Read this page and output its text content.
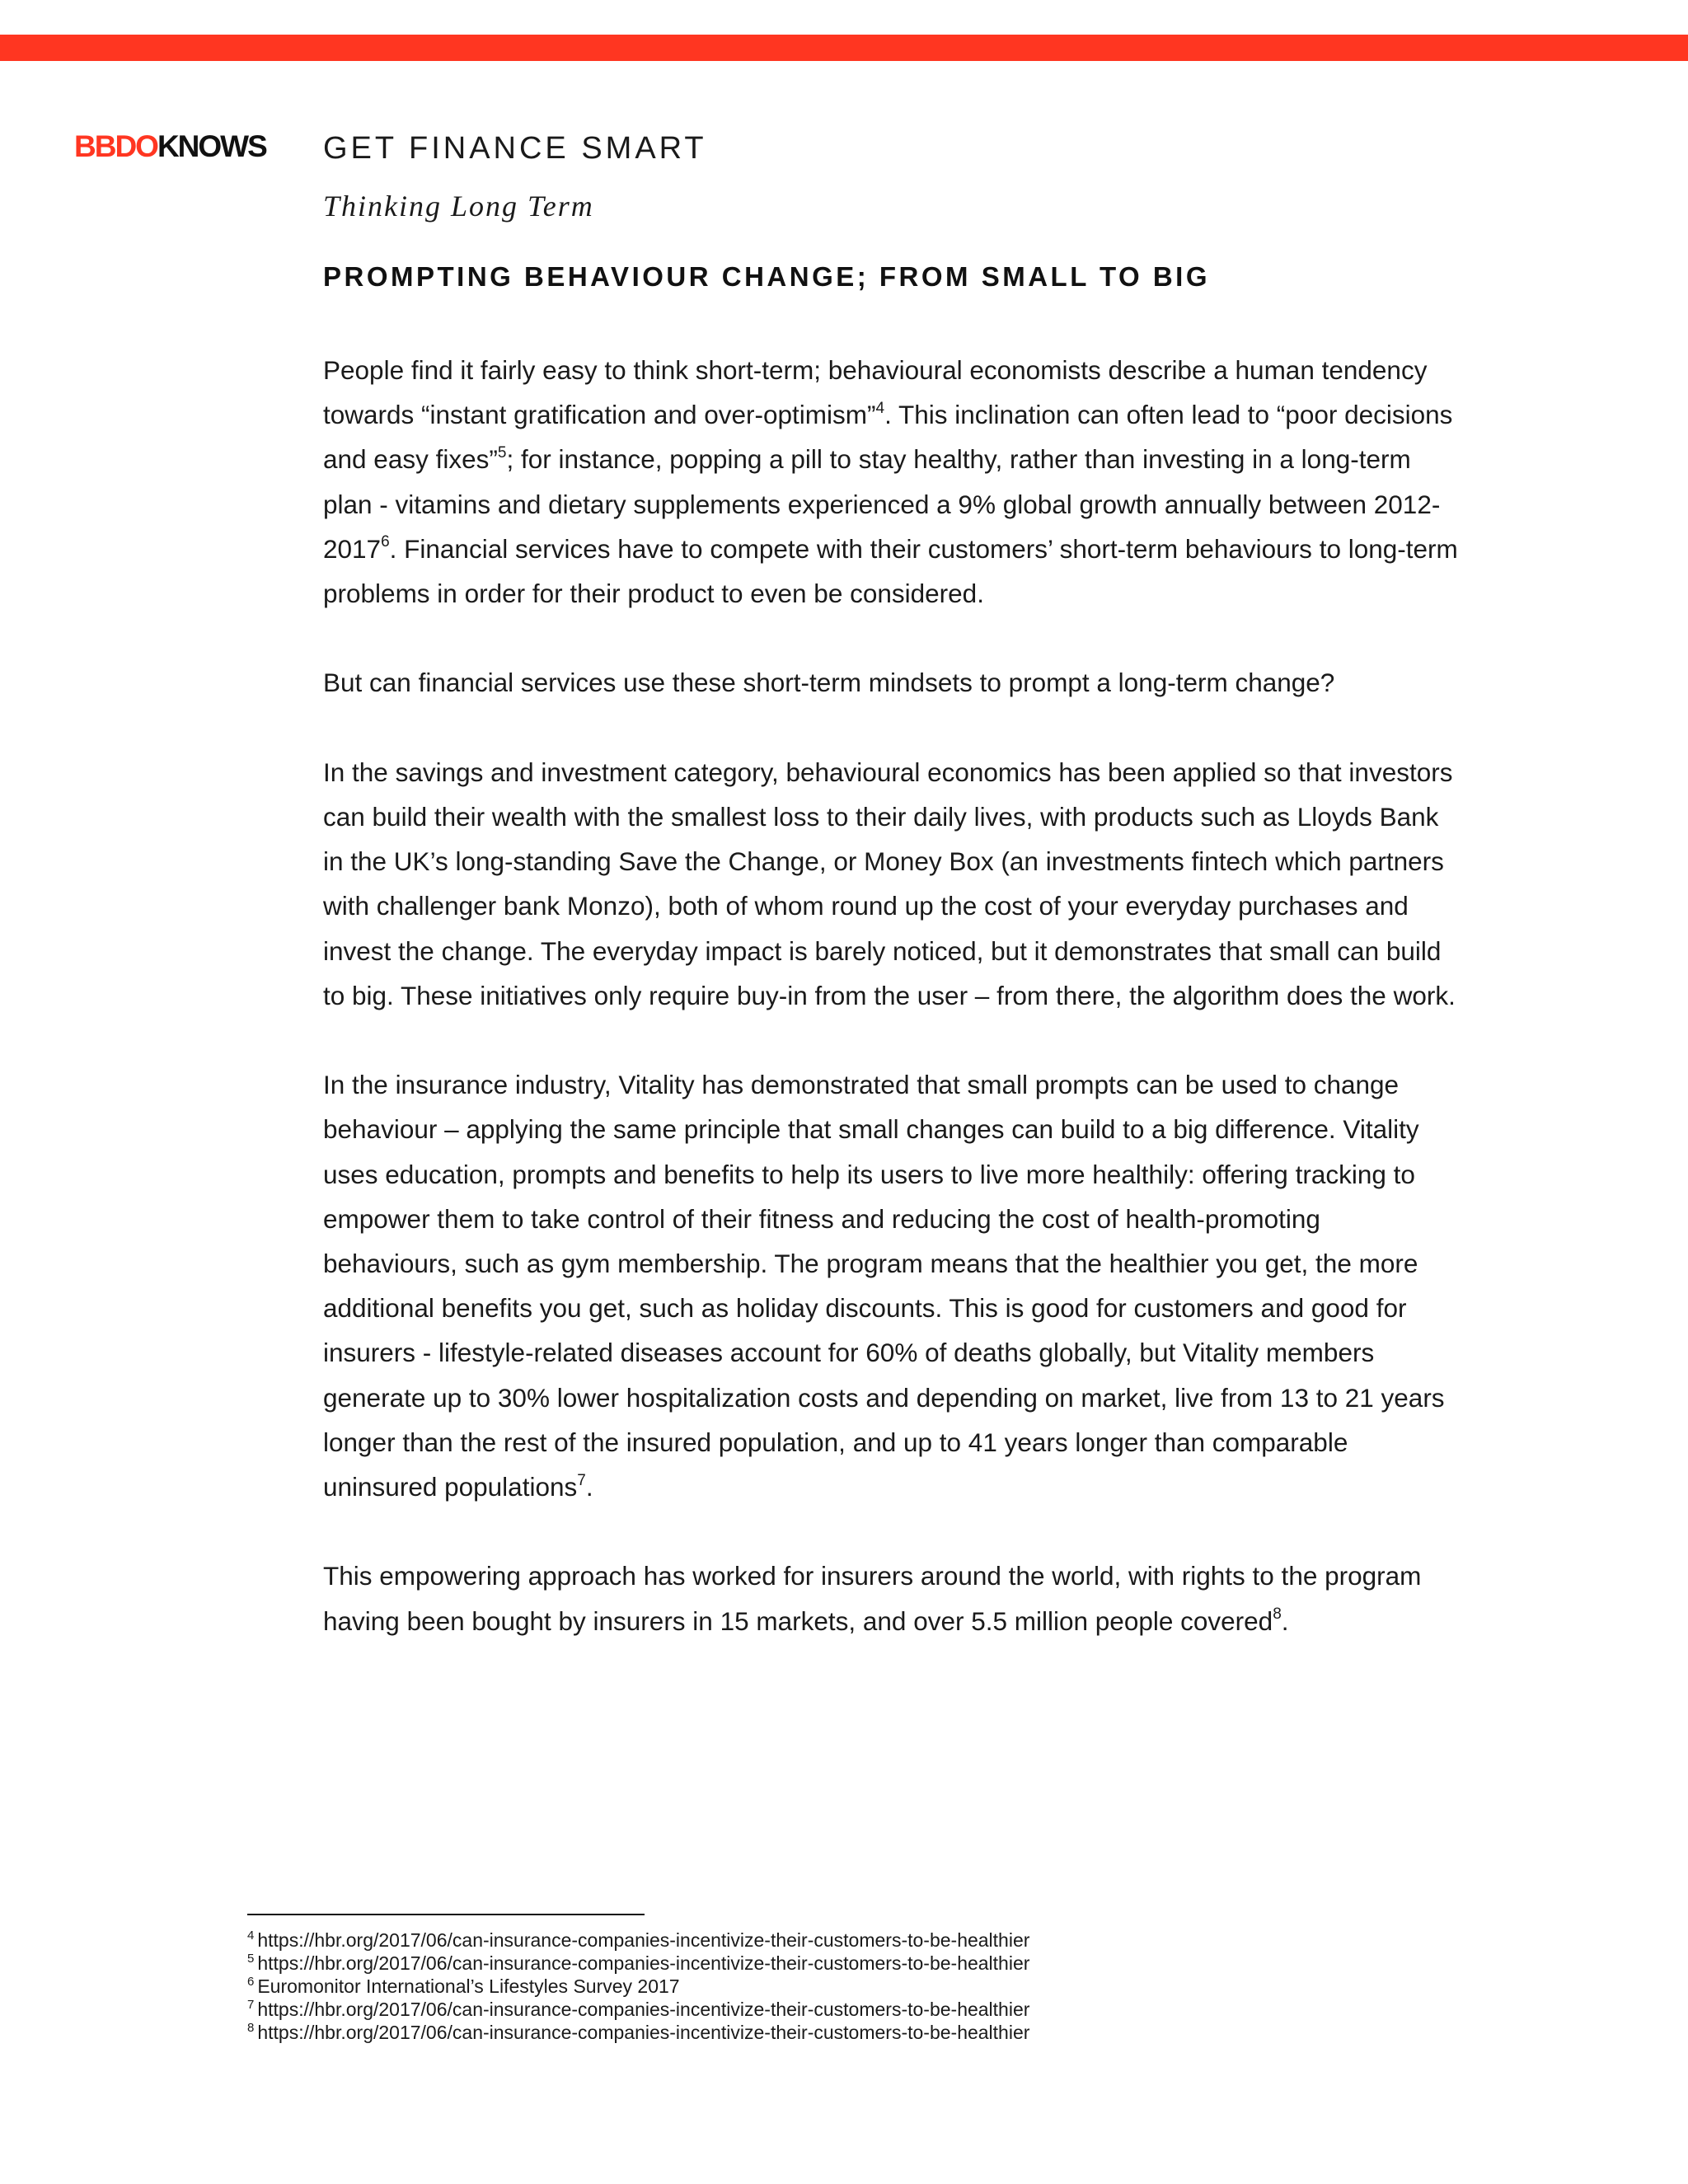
BBDOKNOWS GET FINANCE SMART
Thinking Long Term
PROMPTING BEHAVIOUR CHANGE; FROM SMALL TO BIG

People find it fairly easy to think short-term; behavioural economists describe a human tendency towards “instant gratification and over-optimism”$^4$. This inclination can often lead to “poor decisions and easy fixes”$^5$; for instance, popping a pill to stay healthy, rather than investing in a long-term plan - vitamins and dietary supplements experienced a 9% global growth annually between 2012-2017$^6$. Financial services have to compete with their customers’ short-term behaviours to long-term problems in order for their product to even be considered.

But can financial services use these short-term mindsets to prompt a long-term change?

In the savings and investment category, behavioural economics has been applied so that investors can build their wealth with the smallest loss to their daily lives, with products such as Lloyds Bank in the UK’s long-standing Save the Change, or Money Box (an investments fintech which partners with challenger bank Monzo), both of whom round up the cost of your everyday purchases and invest the change. The everyday impact is barely noticed, but it demonstrates that small can build to big. These initiatives only require buy-in from the user – from there, the algorithm does the work.

In the insurance industry, Vitality has demonstrated that small prompts can be used to change behaviour – applying the same principle that small changes can build to a big difference. Vitality uses education, prompts and benefits to help its users to live more healthily: offering tracking to empower them to take control of their fitness and reducing the cost of health-promoting behaviours, such as gym membership. The program means that the healthier you get, the more additional benefits you get, such as holiday discounts. This is good for customers and good for insurers - lifestyle-related diseases account for 60% of deaths globally, but Vitality members generate up to 30% lower hospitalization costs and depending on market, live from 13 to 21 years longer than the rest of the insured population, and up to 41 years longer than comparable uninsured populations$^7$.

This empowering approach has worked for insurers around the world, with rights to the program having been bought by insurers in 15 markets, and over 5.5 million people covered$^8$.

$^4$ https://hbr.org/2017/06/can-insurance-companies-incentivize-their-customers-to-be-healthier
$^5$ https://hbr.org/2017/06/can-insurance-companies-incentivize-their-customers-to-be-healthier
$^6$ Euromonitor International’s Lifestyles Survey 2017
$^7$ https://hbr.org/2017/06/can-insurance-companies-incentivize-their-customers-to-be-healthier
$^8$ https://hbr.org/2017/06/can-insurance-companies-incentivize-their-customers-to-be-healthier
